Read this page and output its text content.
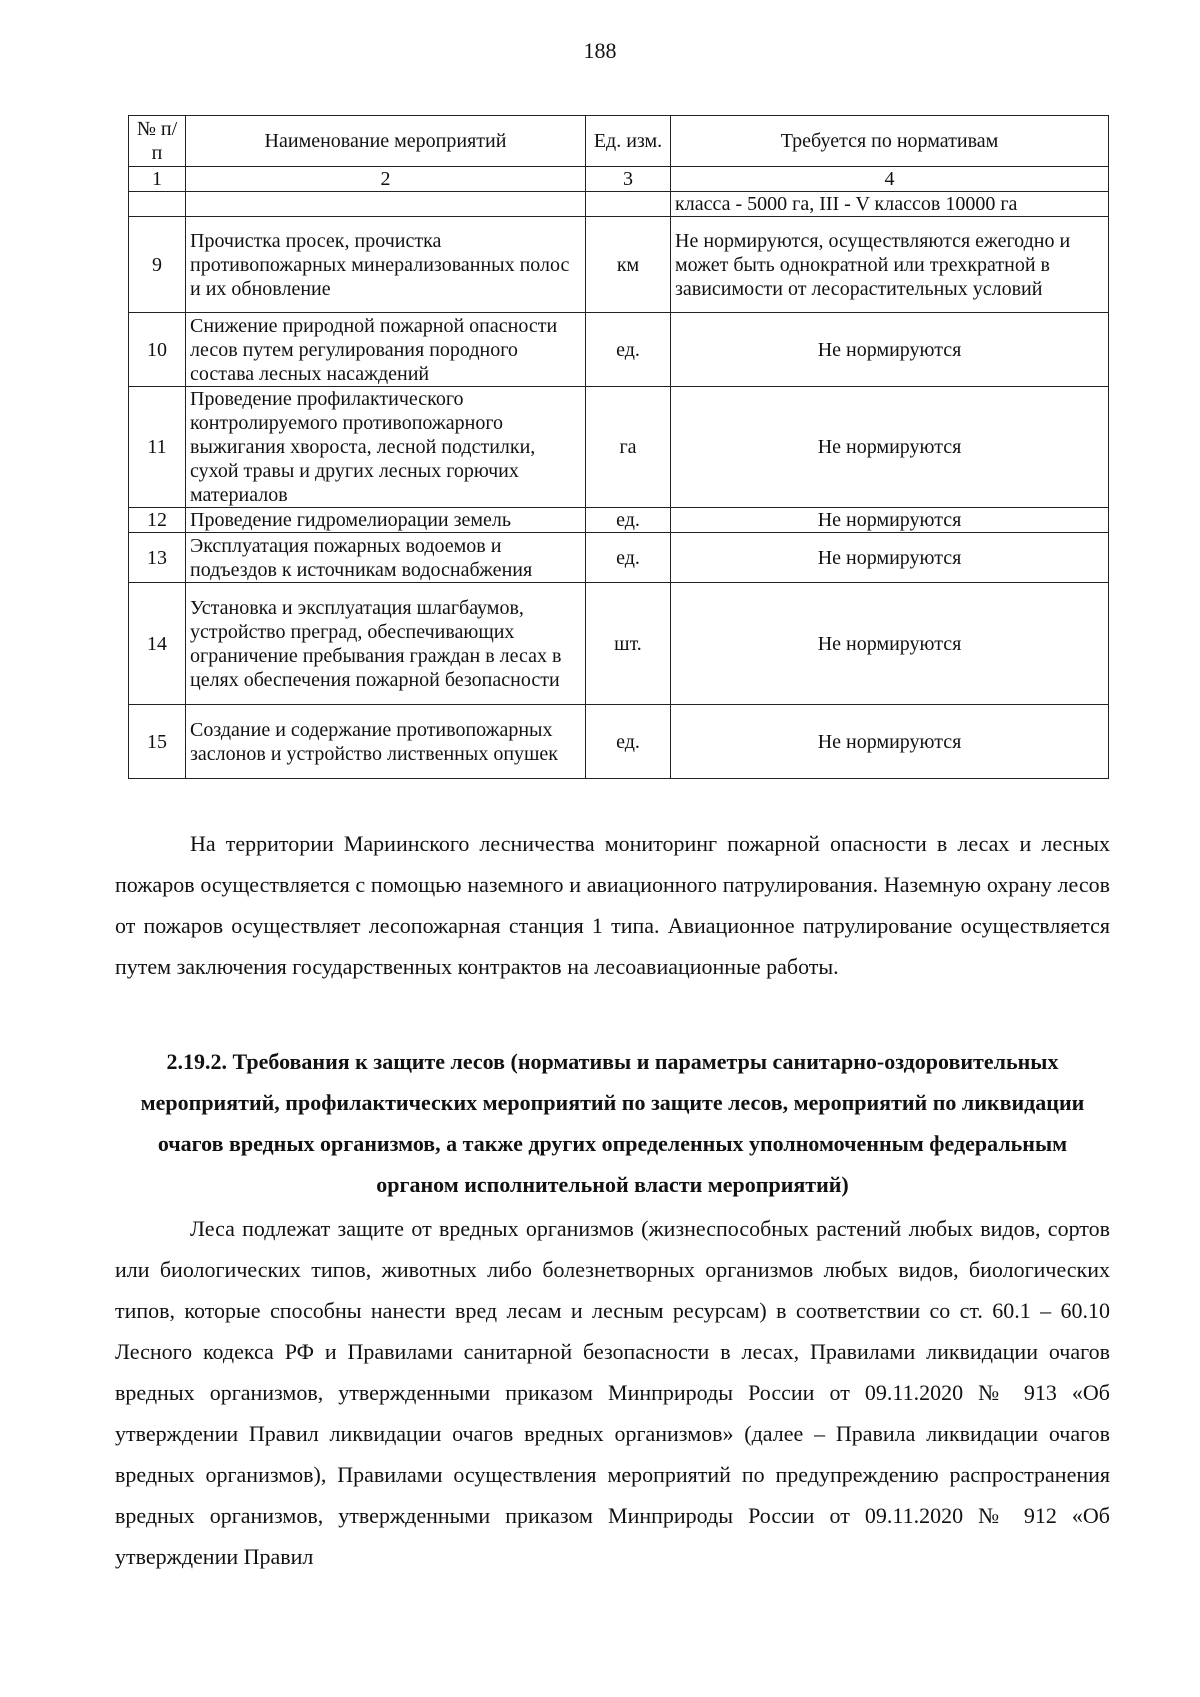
188
№ п/п	Наименование мероприятий	Ед. изм.	Требуется по нормативам
1	2	3	4
			класса - 5000 га, III - V классов 10000 га
9	Прочистка просек, прочистка противопожарных минерализованных полос и их обновление	км	Не нормируются, осуществляются ежегодно и может быть однократной или трехкратной в зависимости от лесорастительных условий
10	Снижение природной пожарной опасности лесов путем регулирования породного состава лесных насаждений	ед.	Не нормируются
11	Проведение профилактического контролируемого противопожарного выжигания хвороста, лесной подстилки, сухой травы и других лесных горючих материалов	га	Не нормируются
12	Проведение гидромелиорации земель	ед.	Не нормируются
13	Эксплуатация пожарных водоемов и подъездов к источникам водоснабжения	ед.	Не нормируются
14	Установка и эксплуатация шлагбаумов, устройство преград, обеспечивающих ограничение пребывания граждан в лесах в целях обеспечения пожарной безопасности	шт.	Не нормируются
15	Создание и содержание противопожарных заслонов и устройство лиственных опушек	ед.	Не нормируются

На территории Мариинского лесничества мониторинг пожарной опасности в лесах и лесных пожаров осуществляется с помощью наземного и авиационного патрулирования. Наземную охрану лесов от пожаров осуществляет лесопожарная станция 1 типа. Авиационное патрулирование осуществляется путем заключения государственных контрактов на лесоавиационные работы.

2.19.2. Требования к защите лесов (нормативы и параметры санитарно-оздоровительных мероприятий, профилактических мероприятий по защите лесов, мероприятий по ликвидации очагов вредных организмов, а также других определенных уполномоченным федеральным органом исполнительной власти мероприятий)

Леса подлежат защите от вредных организмов (жизнеспособных растений любых видов, сортов или биологических типов, животных либо болезнетворных организмов любых видов, биологических типов, которые способны нанести вред лесам и лесным ресурсам) в соответствии со ст. 60.1 – 60.10 Лесного кодекса РФ и Правилами санитарной безопасности в лесах, Правилами ликвидации очагов вредных организмов, утвержденными приказом Минприроды России от 09.11.2020 № 913 «Об утверждении Правил ликвидации очагов вредных организмов» (далее – Правила ликвидации очагов вредных организмов), Правилами осуществления мероприятий по предупреждению распространения вредных организмов, утвержденными приказом Минприроды России от 09.11.2020 № 912 «Об утверждении Правил
